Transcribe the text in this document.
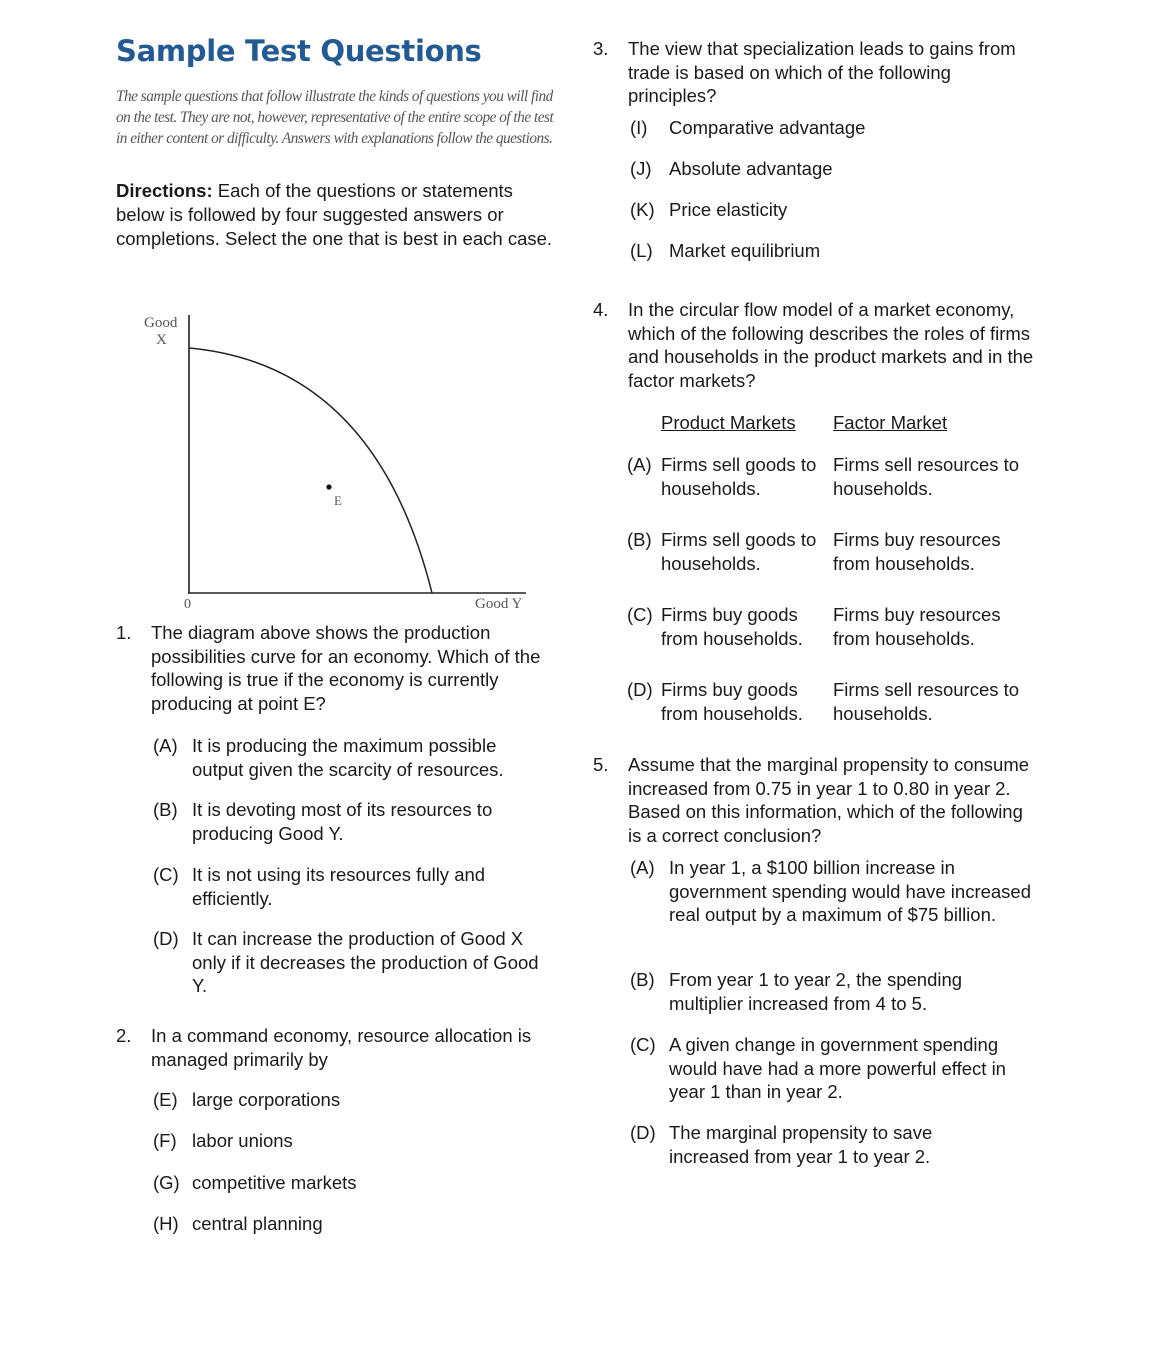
Sample Test Questions
The sample questions that follow illustrate the kinds of questions you will find on the test. They are not, however, representative of the entire scope of the test in either content or difficulty. Answers with explanations follow the questions.
Directions: Each of the questions or statements below is followed by four suggested answers or completions. Select the one that is best in each case.
Good
X
0	Good Y
E
1. The diagram above shows the production possibilities curve for an economy. Which of the following is true if the economy is currently producing at point E?
(A) It is producing the maximum possible output given the scarcity of resources.
(B) It is devoting most of its resources to producing Good Y.
(C) It is not using its resources fully and efficiently.
(D) It can increase the production of Good X only if it decreases the production of Good Y.
2. In a command economy, resource allocation is managed primarily by
(E) large corporations
(F) labor unions
(G) competitive markets
(H) central planning
3. The view that specialization leads to gains from trade is based on which of the following principles?
(I) Comparative advantage
(J) Absolute advantage
(K) Price elasticity
(L) Market equilibrium
4. In the circular flow model of a market economy, which of the following describes the roles of firms and households in the product markets and in the factor markets?
Product Markets Factor Market
(A) Firms sell goods to households.
Firms sell resources to households.
(B) Firms sell goods to households.
Firms buy resources from households.
(C) Firms buy goods from households.
Firms buy resources from households.
(D) Firms buy goods from households.
Firms sell resources to households.
5. Assume that the marginal propensity to consume increased from 0.75 in year 1 to 0.80 in year 2. Based on this information, which of the following is a correct conclusion?
(A) In year 1, a $100 billion increase in government spending would have increased real output by a maximum of $75 billion.
(B) From year 1 to year 2, the spending multiplier increased from 4 to 5.
(C) A given change in government spending would have had a more powerful effect in year 1 than in year 2.
(D) The marginal propensity to save increased from year 1 to year 2.
